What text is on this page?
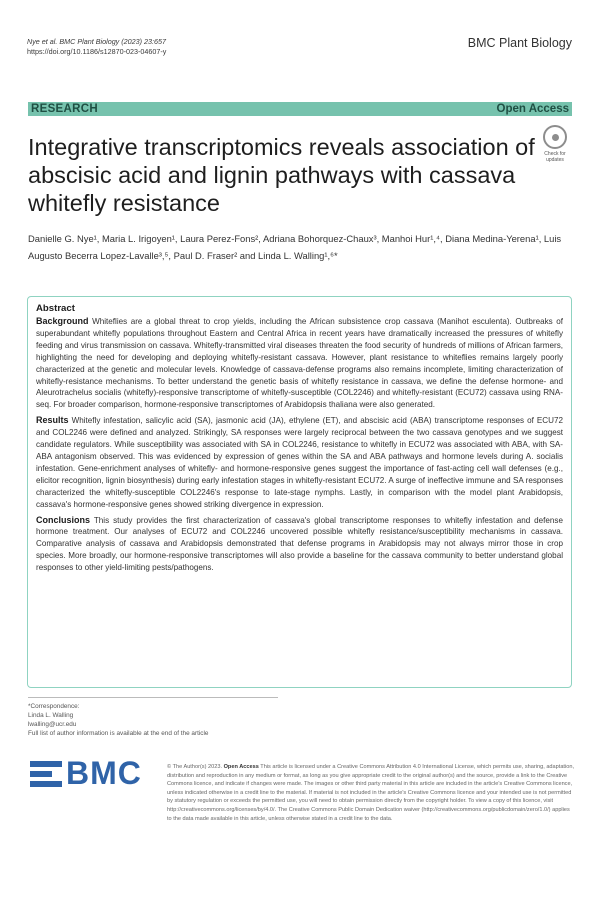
Nye et al. BMC Plant Biology (2023) 23:657
https://doi.org/10.1186/s12870-023-04607-y
BMC Plant Biology
RESEARCH	Open Access
Check for updates
Integrative transcriptomics reveals association of abscisic acid and lignin pathways with cassava whitefly resistance
Danielle G. Nye¹, Maria L. Irigoyen¹, Laura Perez-Fons², Adriana Bohorquez-Chaux³, Manhoi Hur¹,⁴, Diana Medina-Yerena¹, Luis Augusto Becerra Lopez-Lavalle³,⁵, Paul D. Fraser² and Linda L. Walling¹,⁶*
Abstract

Background Whiteflies are a global threat to crop yields, including the African subsistence crop cassava (Manihot esculenta). Outbreaks of superabundant whitefly populations throughout Eastern and Central Africa in recent years have dramatically increased the pressures of whitefly feeding and virus transmission on cassava. Whitefly-transmitted viral diseases threaten the food security of hundreds of millions of African farmers, highlighting the need for developing and deploying whitefly-resistant cassava. However, plant resistance to whiteflies remains largely poorly characterized at the genetic and molecular levels. Knowledge of cassava-defense programs also remains incomplete, limiting characterization of whitefly-resistance mechanisms. To better understand the genetic basis of whitefly resistance in cassava, we define the defense hormone- and Aleurotrachelus socialis (whitefly)-responsive transcriptome of whitefly-susceptible (COL2246) and whitefly-resistant (ECU72) cassava using RNA-seq. For broader comparison, hormone-responsive transcriptomes of Arabidopsis thaliana were also generated.

Results Whitefly infestation, salicylic acid (SA), jasmonic acid (JA), ethylene (ET), and abscisic acid (ABA) transcriptome responses of ECU72 and COL2246 were defined and analyzed. Strikingly, SA responses were largely reciprocal between the two cassava genotypes and we suggest candidate regulators. While susceptibility was associated with SA in COL2246, resistance to whitefly in ECU72 was associated with ABA, with SA-ABA antagonism observed. This was evidenced by expression of genes within the SA and ABA pathways and hormone levels during A. socialis infestation. Gene-enrichment analyses of whitefly- and hormone-responsive genes suggest the importance of fast-acting cell wall defenses (e.g., elicitor recognition, lignin biosynthesis) during early infestation stages in whitefly-resistant ECU72. A surge of ineffective immune and SA responses characterized the whitefly-susceptible COL2246's response to late-stage nymphs. Lastly, in comparison with the model plant Arabidopsis, cassava's hormone-responsive genes showed striking divergence in expression.

Conclusions This study provides the first characterization of cassava's global transcriptome responses to whitefly infestation and defense hormone treatment. Our analyses of ECU72 and COL2246 uncovered possible whitefly resistance/susceptibility mechanisms in cassava. Comparative analysis of cassava and Arabidopsis demonstrated that defense programs in Arabidopsis may not always mirror those in crop species. More broadly, our hormone-responsive transcriptomes will also provide a baseline for the cassava community to better understand global responses to other yield-limiting pests/pathogens.

*Correspondence:
Linda L. Walling
lwalling@ucr.edu
Full list of author information is available at the end of the article
BMC	© The Author(s) 2023. Open Access This article is licensed under a Creative Commons Attribution 4.0 International License, which permits use, sharing, adaptation, distribution and reproduction in any medium or format, as long as you give appropriate credit to the original author(s) and the source, provide a link to the Creative Commons licence, and indicate if changes were made. The images or other third party material in this article are included in the article's Creative Commons licence, unless indicated otherwise in a credit line to the material. If material is not included in the article's Creative Commons licence and your intended use is not permitted by statutory regulation or exceeds the permitted use, you will need to obtain permission directly from the copyright holder. To view a copy of this licence, visit http://creativecommons.org/licenses/by/4.0/. The Creative Commons Public Domain Dedication waiver (http://creativecommons.org/publicdomain/zero/1.0/) applies to the data made available in this article, unless otherwise stated in a credit line to the data.
